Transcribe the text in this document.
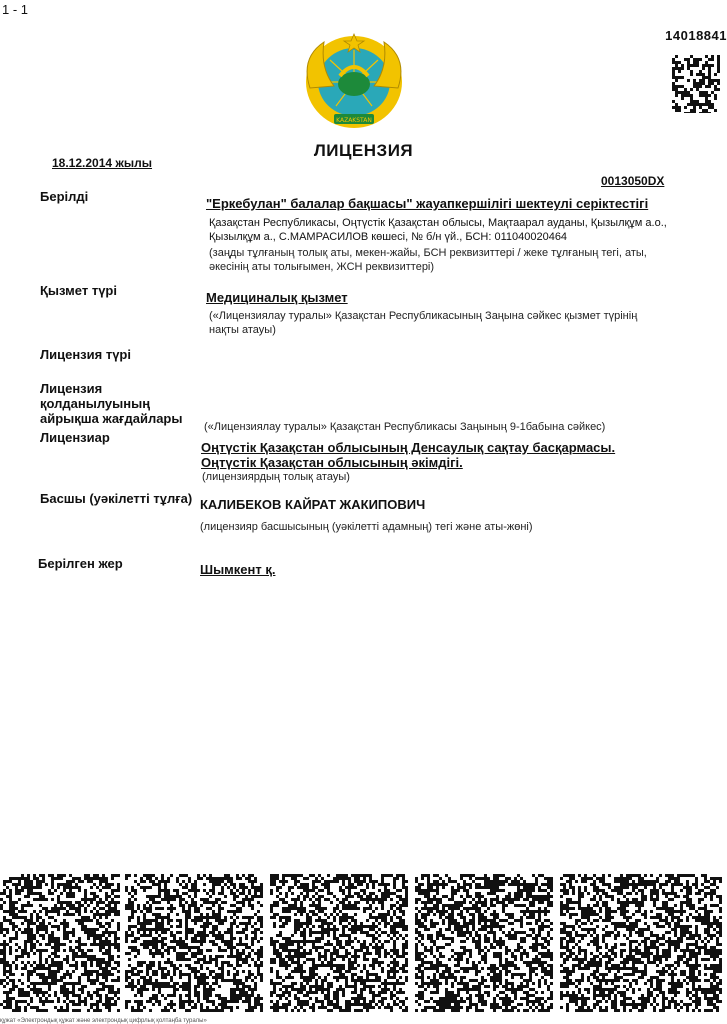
1 - 1
14018841
KAZAKSTAN
ЛИЦЕНЗИЯ
18.12.2014 жылы
0013050DX
Берілді	"Еркебулан" балалар бақшасы" жауапкершілігі шектеулі серіктестігі
Қазақстан Республикасы, Оңтүстік Қазақстан облысы, Мақтаарал ауданы, Қызылқұм а.о.,
Қызылқұм а., С.МАМРАСИЛОВ көшесі, № б/н үй., БСН: 011040020464
(заңды тұлғаның толық аты, мекен-жайы, БСН реквизиттері / жеке тұлғаның тегі, аты,
әкесінің аты толығымен, ЖСН реквизиттері)
Қызмет түрі	Медициналық қызмет
(«Лицензиялау туралы» Қазақстан Республикасының Заңына сәйкес қызмет түрінің
нақты атауы)
Лицензия түрі
Лицензия
қолданылуының
айрықша жағдайлары
(«Лицензиялау туралы» Қазақстан Республикасы Заңының 9-1бабына сәйкес)
Лицензиар
Оңтүстік Қазақстан облысының Денсаулық сақтау басқармасы.
Оңтүстік Қазақстан облысының әкімдігі.
(лицензиярдың толық атауы)
Басшы (уәкілетті тұлға) КАЛИБЕКОВ КАЙРАТ ЖАКИПОВИЧ
(лицензияр басшысының (уәкілетті адамның) тегі және аты-жөні)
Берілген жер	Шымкент қ.
құжат «Электрондық құжат және электрондық цифрлық қолтаңба туралы»
